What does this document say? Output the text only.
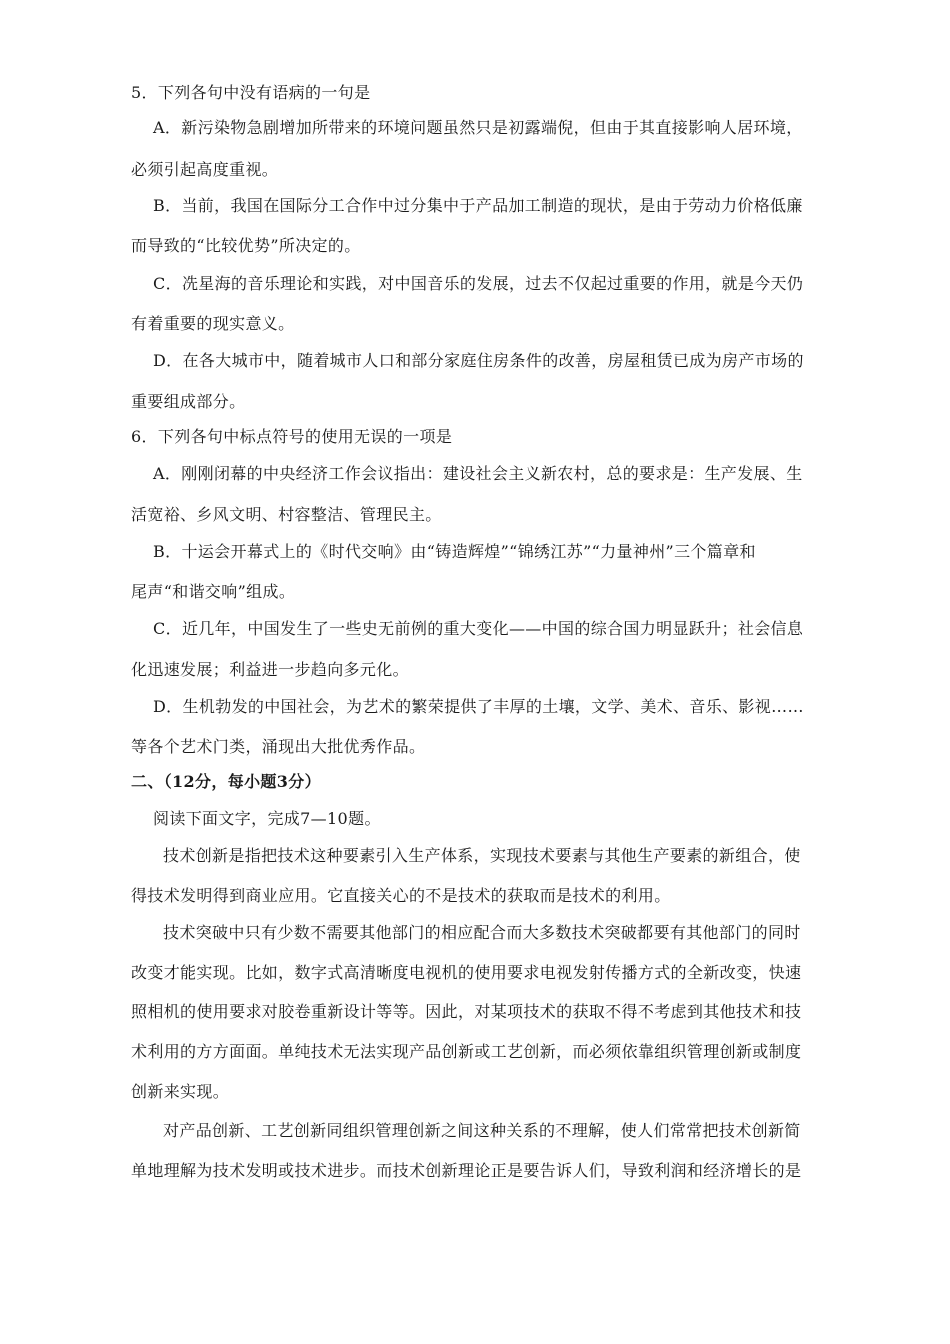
5．下列各句中没有语病的一句是
A．新污染物急剧增加所带来的环境问题虽然只是初露端倪，但由于其直接影响人居环境，
必须引起高度重视。
B．当前，我国在国际分工合作中过分集中于产品加工制造的现状，是由于劳动力价格低廉
而导致的“比较优势”所决定的。
C．冼星海的音乐理论和实践，对中国音乐的发展，过去不仅起过重要的作用，就是今天仍
有着重要的现实意义。
D．在各大城市中，随着城市人口和部分家庭住房条件的改善，房屋租赁已成为房产市场的
重要组成部分。
6．下列各句中标点符号的使用无误的一项是
A．刚刚闭幕的中央经济工作会议指出：建设社会主义新农村，总的要求是：生产发展、生
活宽裕、乡风文明、村容整洁、管理民主。
B．十运会开幕式上的《时代交响》由“铸造辉煌”“锦绣江苏”“力量神州”三个篇章和
尾声“和谐交响”组成。
C．近几年，中国发生了一些史无前例的重大变化——中国的综合国力明显跃升；社会信息
化迅速发展；利益进一步趋向多元化。
D．生机勃发的中国社会，为艺术的繁荣提供了丰厚的土壤，文学、美术、音乐、影视……
等各个艺术门类，涌现出大批优秀作品。
二、（12分，每小题3分）
阅读下面文字，完成7—10题。
技术创新是指把技术这种要素引入生产体系，实现技术要素与其他生产要素的新组合，使
得技术发明得到商业应用。它直接关心的不是技术的获取而是技术的利用。
技术突破中只有少数不需要其他部门的相应配合而大多数技术突破都要有其他部门的同时
改变才能实现。比如，数字式高清晰度电视机的使用要求电视发射传播方式的全新改变，快速
照相机的使用要求对胶卷重新设计等等。因此，对某项技术的获取不得不考虑到其他技术和技
术利用的方方面面。单纯技术无法实现产品创新或工艺创新，而必须依靠组织管理创新或制度
创新来实现。
对产品创新、工艺创新同组织管理创新之间这种关系的不理解，使人们常常把技术创新简
单地理解为技术发明或技术进步。而技术创新理论正是要告诉人们，导致利润和经济增长的是
